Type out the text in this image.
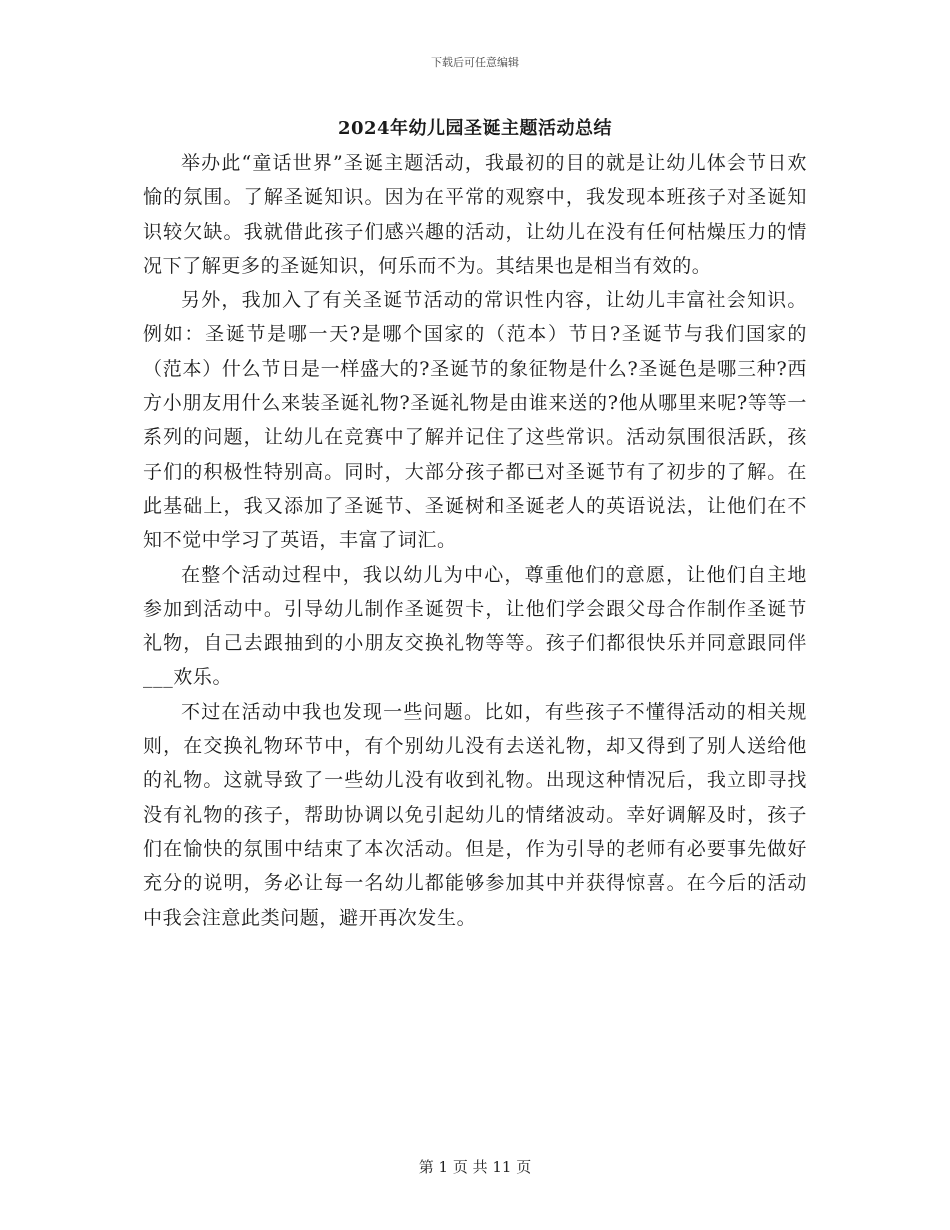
下载后可任意编辑
2024年幼儿园圣诞主题活动总结

举办此“童话世界”圣诞主题活动，我最初的目的就是让幼儿体会节日欢愉的氛围。了解圣诞知识。因为在平常的观察中，我发现本班孩子对圣诞知识较欠缺。我就借此孩子们感兴趣的活动，让幼儿在没有任何枯燥压力的情况下了解更多的圣诞知识，何乐而不为。其结果也是相当有效的。

另外，我加入了有关圣诞节活动的常识性内容，让幼儿丰富社会知识。例如：圣诞节是哪一天?是哪个国家的（范本）节日?圣诞节与我们国家的（范本）什么节日是一样盛大的?圣诞节的象征物是什么?圣诞色是哪三种?西方小朋友用什么来装圣诞礼物?圣诞礼物是由谁来送的?他从哪里来呢?等等一系列的问题，让幼儿在竞赛中了解并记住了这些常识。活动氛围很活跃，孩子们的积极性特别高。同时，大部分孩子都已对圣诞节有了初步的了解。在此基础上，我又添加了圣诞节、圣诞树和圣诞老人的英语说法，让他们在不知不觉中学习了英语，丰富了词汇。

在整个活动过程中，我以幼儿为中心，尊重他们的意愿，让他们自主地参加到活动中。引导幼儿制作圣诞贺卡，让他们学会跟父母合作制作圣诞节礼物，自己去跟抽到的小朋友交换礼物等等。孩子们都很快乐并同意跟同伴___欢乐。

不过在活动中我也发现一些问题。比如，有些孩子不懂得活动的相关规则，在交换礼物环节中，有个别幼儿没有去送礼物，却又得到了别人送给他的礼物。这就导致了一些幼儿没有收到礼物。出现这种情况后，我立即寻找没有礼物的孩子，帮助协调以免引起幼儿的情绪波动。幸好调解及时，孩子们在愉快的氛围中结束了本次活动。但是，作为引导的老师有必要事先做好充分的说明，务必让每一名幼儿都能够参加其中并获得惊喜。在今后的活动中我会注意此类问题，避开再次发生。

第 1 页 共 11 页
